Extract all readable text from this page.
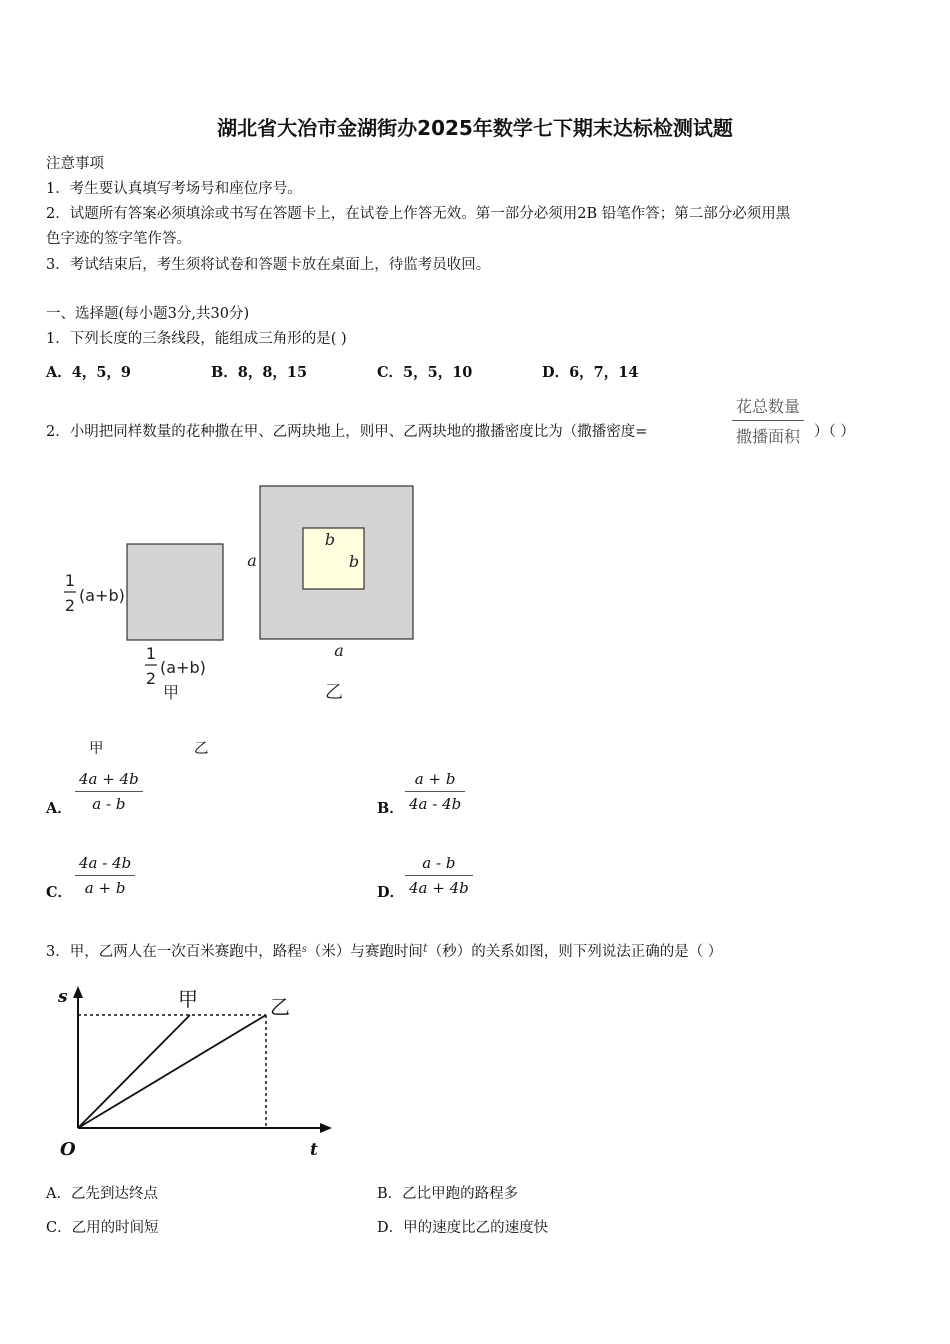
湖北省大冶市金湖街办2025年数学七下期末达标检测试题
注意事项
1．考生要认真填写考场号和座位序号。
2．试题所有答案必须填涂或书写在答题卡上，在试卷上作答无效。第一部分必须用2B 铅笔作答；第二部分必须用黑
色字迹的签字笔作答。
3．考试结束后，考生须将试卷和答题卡放在桌面上，待监考员收回。
一、选择题(每小题3分,共30分)
1．下列长度的三条线段，能组成三角形的是( )
A．4，5，9	B．8，8，15	C．5，5，10	D．6，7，14
2．小明把同样数量的花种撒在甲、乙两块地上，则甲、乙两块地的撒播密度比为（撒播密度=
花总数量
撒播面积 ）（ ）
1
2
(a+b)
1
2
(a+b)
甲
a
a
b
b
乙
甲	乙
A． $\frac{4a + 4b}{a - b}$	B． $\frac{a + b}{4a - 4b}$
C． $\frac{4a - 4b}{a + b}$	D． $\frac{a - b}{4a + 4b}$
3．甲，乙两人在一次百米赛跑中，路程$^s$（米）与赛跑时间$^t$（秒）的关系如图，则下列说法正确的是（ ）
s
t
O
甲	乙
A．乙先到达终点	B．乙比甲跑的路程多
C．乙用的时间短	D．甲的速度比乙的速度快
